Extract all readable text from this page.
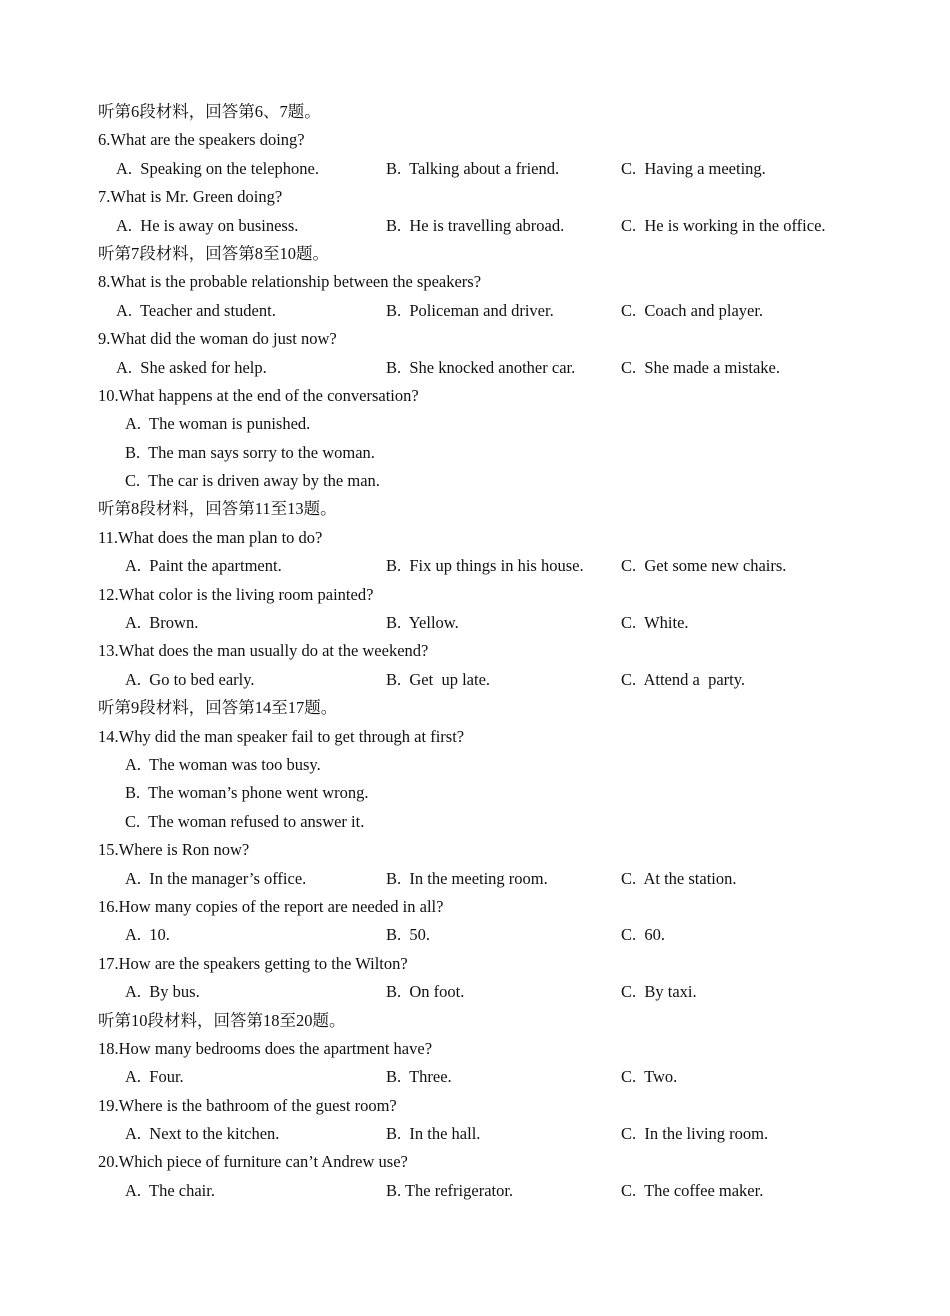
听第6段材料，回答第6、7题。
6.What are the speakers doing?
A.  Speaking on the telephone.	B.  Talking about a friend.	C.  Having a meeting.
7.What is Mr. Green doing?
A.  He is away on business.	B.  He is travelling abroad.	C.  He is working in the office.
听第7段材料，回答第8至10题。
8.What is the probable relationship between the speakers?
A.  Teacher and student.	B.  Policeman and driver.	C.  Coach and player.
9.What did the woman do just now?
A.  She asked for help.	B.  She knocked another car.	C.  She made a mistake.
10.What happens at the end of the conversation?
A.  The woman is punished.
B.  The man says sorry to the woman.
C.  The car is driven away by the man.
听第8段材料，回答第11至13题。
11.What does the man plan to do?
A.  Paint the apartment.	B.  Fix up things in his house. C.  Get some new chairs.
12.What color is the living room painted?
A.  Brown.	B.  Yellow.	C.  White.
13.What does the man usually do at the weekend?
A.  Go to bed early.	B.  Get  up late.	C.  Attend a  party.
听第9段材料，回答第14至17题。
14.Why did the man speaker fail to get through at first?
A.  The woman was too busy.
B.  The woman’s phone went wrong.
C.  The woman refused to answer it.
15.Where is Ron now?
A.  In the manager’s office.	B.  In the meeting room.	C.  At the station.
16.How many copies of the report are needed in all?
A.  10.	B.  50.	C.  60.
17.How are the speakers getting to the Wilton?
A.  By bus.	B.  On foot.	C.  By taxi.
听第10段材料，回答第18至20题。
18.How many bedrooms does the apartment have?
A.  Four.	B.  Three.	C.  Two.
19.Where is the bathroom of the guest room?
A.  Next to the kitchen.	B.  In the hall.	C.  In the living room.
20.Which piece of furniture can’t Andrew use?
A.  The chair.	B. The refrigerator.	C.  The coffee maker.
